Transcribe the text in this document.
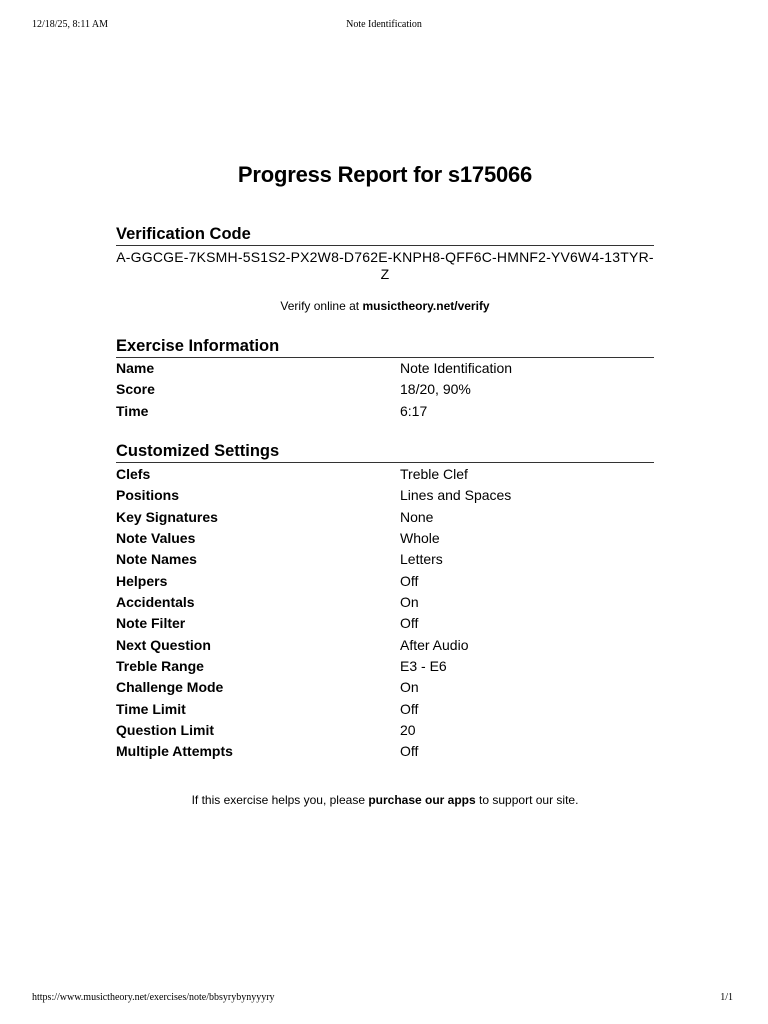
12/18/25, 8:11 AM	Note Identification
Progress Report for s175066
Verification Code
A-GGCGE-7KSMH-5S1S2-PX2W8-D762E-KNPH8-QFF6C-HMNF2-YV6W4-13TYR-Z
Verify online at musictheory.net/verify
Exercise Information
Name	Note Identification
Score	18/20, 90%
Time	6:17
Customized Settings
Clefs	Treble Clef
Positions	Lines and Spaces
Key Signatures	None
Note Values	Whole
Note Names	Letters
Helpers	Off
Accidentals	On
Note Filter	Off
Next Question	After Audio
Treble Range	E3 - E6
Challenge Mode	On
Time Limit	Off
Question Limit	20
Multiple Attempts	Off
If this exercise helps you, please purchase our apps to support our site.
https://www.musictheory.net/exercises/note/bbsyrybynyyyry	1/1
